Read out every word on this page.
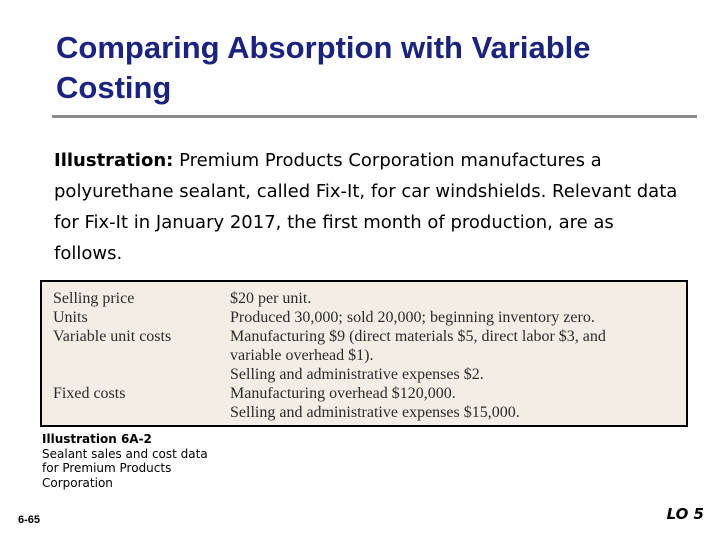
Comparing Absorption with Variable Costing
Illustration: Premium Products Corporation manufactures a polyurethane sealant, called Fix-It, for car windshields. Relevant data for Fix-It in January 2017, the first month of production, are as follows.
Selling price	$20 per unit.
Units	Produced 30,000; sold 20,000; beginning inventory zero.
Variable unit costs	Manufacturing $9 (direct materials $5, direct labor $3, and
variable overhead $1).
Selling and administrative expenses $2.
Fixed costs	Manufacturing overhead $120,000.
Selling and administrative expenses $15,000.
Illustration 6A-2
Sealant sales and cost data for Premium Products Corporation
6-65	LO 5
